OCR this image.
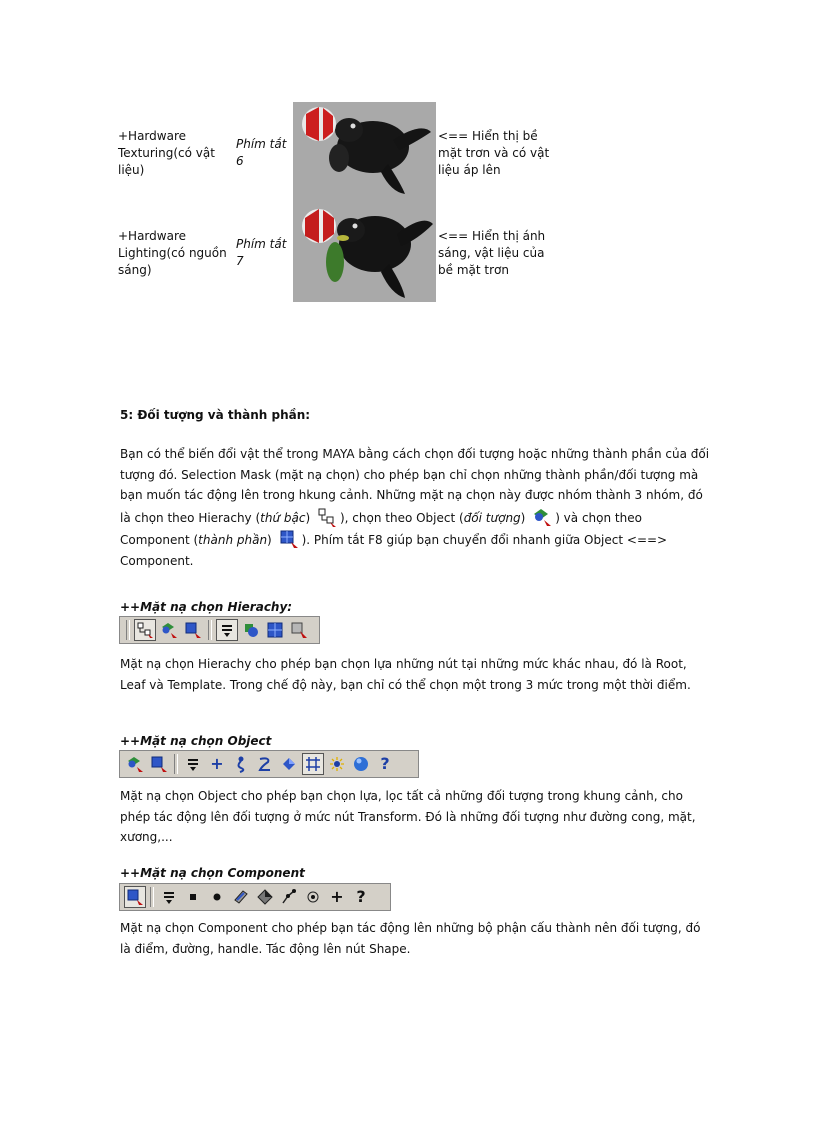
+Hardware Texturing(có vật liệu)
Phím tắt 6
<== Hiển thị bề mặt trơn và có vật liệu áp lên
+Hardware Lighting(có nguồn sáng)
Phím tắt 7
<== Hiển thị ánh sáng, vật liệu của bề mặt trơn
5: Đối tượng và thành phần:
Bạn có thể biến đổi vật thể trong MAYA bằng cách chọn đối tượng hoặc những thành phần của đối tượng đó. Selection Mask (mặt nạ chọn) cho phép bạn chỉ chọn những thành phần/đối tượng mà bạn muốn tác động lên trong hkung cảnh. Những mặt nạ chọn này được nhóm thành 3 nhóm, đó là chọn theo Hierachy (thứ bậc) ), chọn theo Object (đối tượng) ) và chọn theo Component (thành phần) ). Phím tắt F8 giúp bạn chuyển đổi nhanh giữa Object <==> Component.
++Mặt nạ chọn Hierachy:
Mặt nạ chọn Hierachy cho phép bạn chọn lựa những nút tại những mức khác nhau, đó là Root, Leaf và Template. Trong chế độ này, bạn chỉ có thể chọn một trong 3 mức trong một thời điểm.
++Mặt nạ chọn Object
+	?
Mặt nạ chọn Object cho phép bạn chọn lựa, lọc tất cả những đối tượng trong khung cảnh, cho phép tác động lên đối tượng ở mức nút Transform. Đó là những đối tượng như đường cong, mặt, xương,...
++Mặt nạ chọn Component
+ ?
Mặt nạ chọn Component cho phép bạn tác động lên những bộ phận cấu thành nên đối tượng, đó là điểm, đường, handle. Tác động lên nút Shape.
